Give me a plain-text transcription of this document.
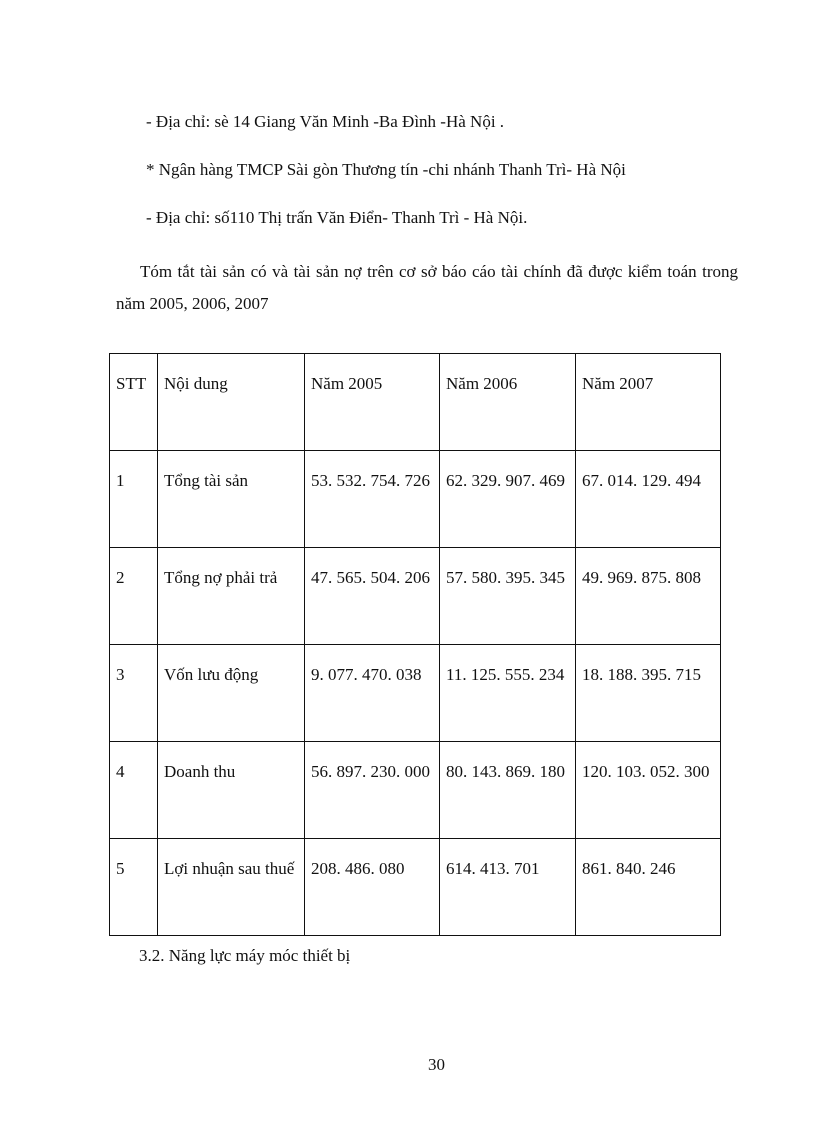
- Địa chỉ: sè 14 Giang Văn Minh -Ba Đình -Hà Nội .
* Ngân hàng TMCP Sài gòn Thương tín -chi nhánh Thanh Trì- Hà Nội
- Địa chỉ: số110 Thị trấn Văn Điển- Thanh Trì - Hà Nội.
Tóm tắt tài sản có và tài sản nợ trên cơ sở báo cáo tài chính đã được kiểm toán trong năm 2005, 2006, 2007
STT	Nội dung	Năm 2005	Năm 2006	Năm 2007
1	Tổng tài sản	53. 532. 754. 726	62. 329. 907. 469	67. 014. 129. 494
2	Tổng nợ phải trả	47. 565. 504. 206	57. 580. 395. 345	49. 969. 875. 808
3	Vốn lưu động	9. 077. 470. 038	11. 125. 555. 234	18. 188. 395. 715
4	Doanh thu	56. 897. 230. 000	80. 143. 869. 180	120. 103. 052. 300
5	Lợi nhuận sau thuế	208. 486. 080	614. 413. 701	861. 840. 246
3.2. Năng lực máy móc thiết bị
30
